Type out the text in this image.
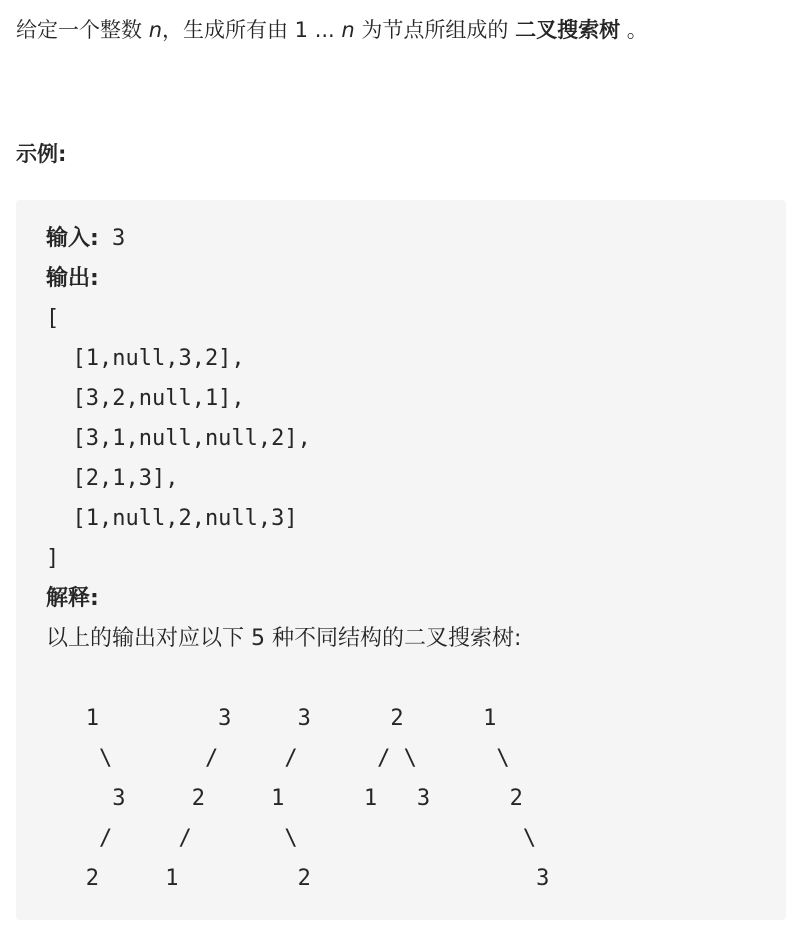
给定一个整数 n，生成所有由 1 ... n 为节点所组成的 二叉搜索树 。

示例:

输入: 3
输出:
[
[1,null,3,2],
[3,2,null,1],
[3,1,null,null,2],
[2,1,3],
[1,null,2,null,3]
]
解释:
以上的输出对应以下 5 种不同结构的二叉搜索树:
1         3     3      2      1
\       /     /      / \      \
3     2     1      1   3      2
/     /       \                 \
2     1         2                 3
